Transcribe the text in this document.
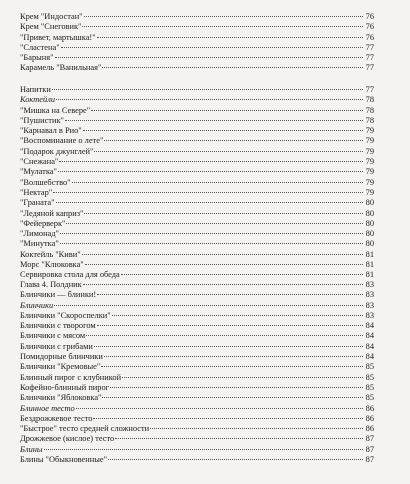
Крем "Индостан"	76
Крем "Снеговик"	76
"Привет, мартышка!"	76
"Сластена"	77
"Барыня"	77
Карамель "Ванильная"	77
Напитки	77
Коктейли	78
"Мишка на Севере"	78
"Пушистик"	78
"Карнавал в Рио"	79
"Воспоминание о лете"	79
"Подарок джунглей"	79
"Снежана"	79
"Мулатка"	79
"Волшебство"	79
"Нектар"	79
"Граната"	80
"Ледяной каприз"	80
"Фейерверк"	80
"Лимонад"	80
"Минутка"	80
Коктейль "Киви"	81
Морс "Клюковка"	81
Сервировка стола для обеда	81
Глава 4. Полдник	83
Блинчики — блинки!	83
Блинчики	83
Блинчики "Скороспелки"	83
Блинчики с творогом	84
Блинчики с мясом	84
Блинчики с грибами	84
Помидорные блинчики	84
Блинчики "Кремовые"	85
Блинный пирог с клубникой	85
Кофейно-блинный пирог	85
Блинчики "Яблоковка"	85
Блинное тесто	86
Бездрожжевое тесто	86
"Быстрое" тесто средней сложности	86
Дрожжевое (кислое) тесто	87
Блины	87
Блины "Обыкновенные"	87
